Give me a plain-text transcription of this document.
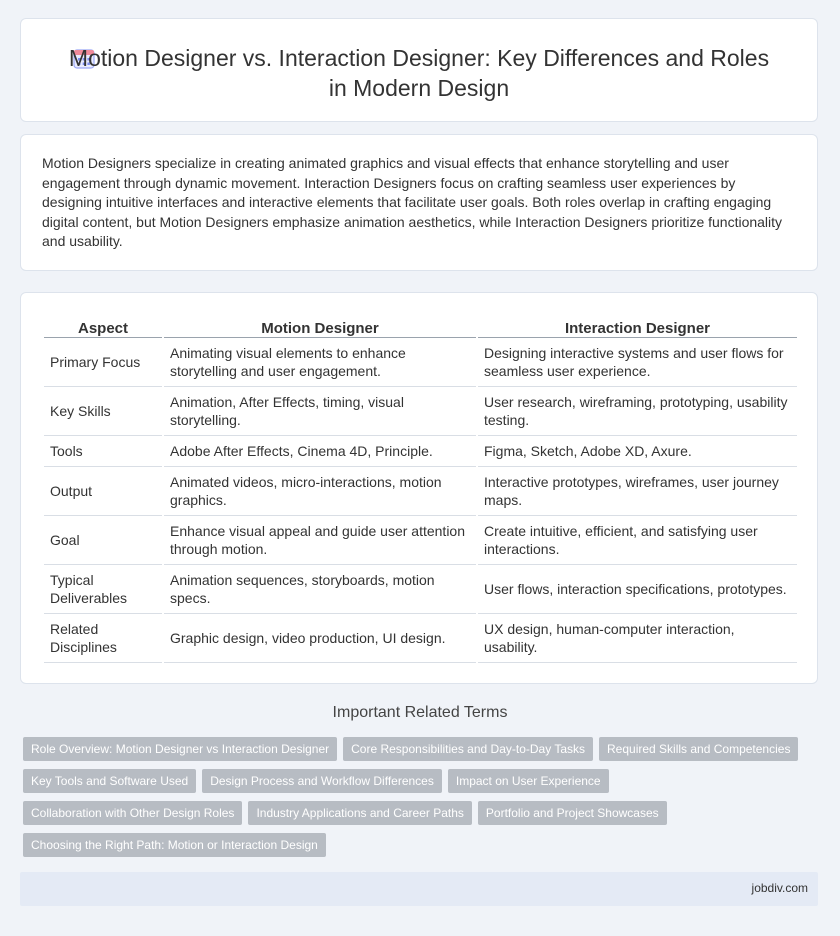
Motion Designer vs. Interaction Designer: Key Differences and Roles in Modern Design

Motion Designers specialize in creating animated graphics and visual effects that enhance storytelling and user engagement through dynamic movement. Interaction Designers focus on crafting seamless user experiences by designing intuitive interfaces and interactive elements that facilitate user goals. Both roles overlap in crafting engaging digital content, but Motion Designers emphasize animation aesthetics, while Interaction Designers prioritize functionality and usability.

Aspect	Motion Designer	Interaction Designer
Primary Focus	Animating visual elements to enhance storytelling and user engagement.	Designing interactive systems and user flows for seamless user experience.
Key Skills	Animation, After Effects, timing, visual storytelling.	User research, wireframing, prototyping, usability testing.
Tools	Adobe After Effects, Cinema 4D, Principle.	Figma, Sketch, Adobe XD, Axure.
Output	Animated videos, micro-interactions, motion graphics.	Interactive prototypes, wireframes, user journey maps.
Goal	Enhance visual appeal and guide user attention through motion.	Create intuitive, efficient, and satisfying user interactions.
Typical Deliverables	Animation sequences, storyboards, motion specs.	User flows, interaction specifications, prototypes.
Related Disciplines	Graphic design, video production, UI design.	UX design, human-computer interaction, usability.
Important Related Terms
Role Overview: Motion Designer vs Interaction Designer Core Responsibilities and Day-to-Day Tasks Required Skills and CompetenciesKey Tools and Software Used Design Process and Workflow Differences Impact on User ExperienceCollaboration with Other Design Roles Industry Applications and Career Paths Portfolio and Project ShowcasesChoosing the Right Path: Motion or Interaction Design
jobdiv.com
